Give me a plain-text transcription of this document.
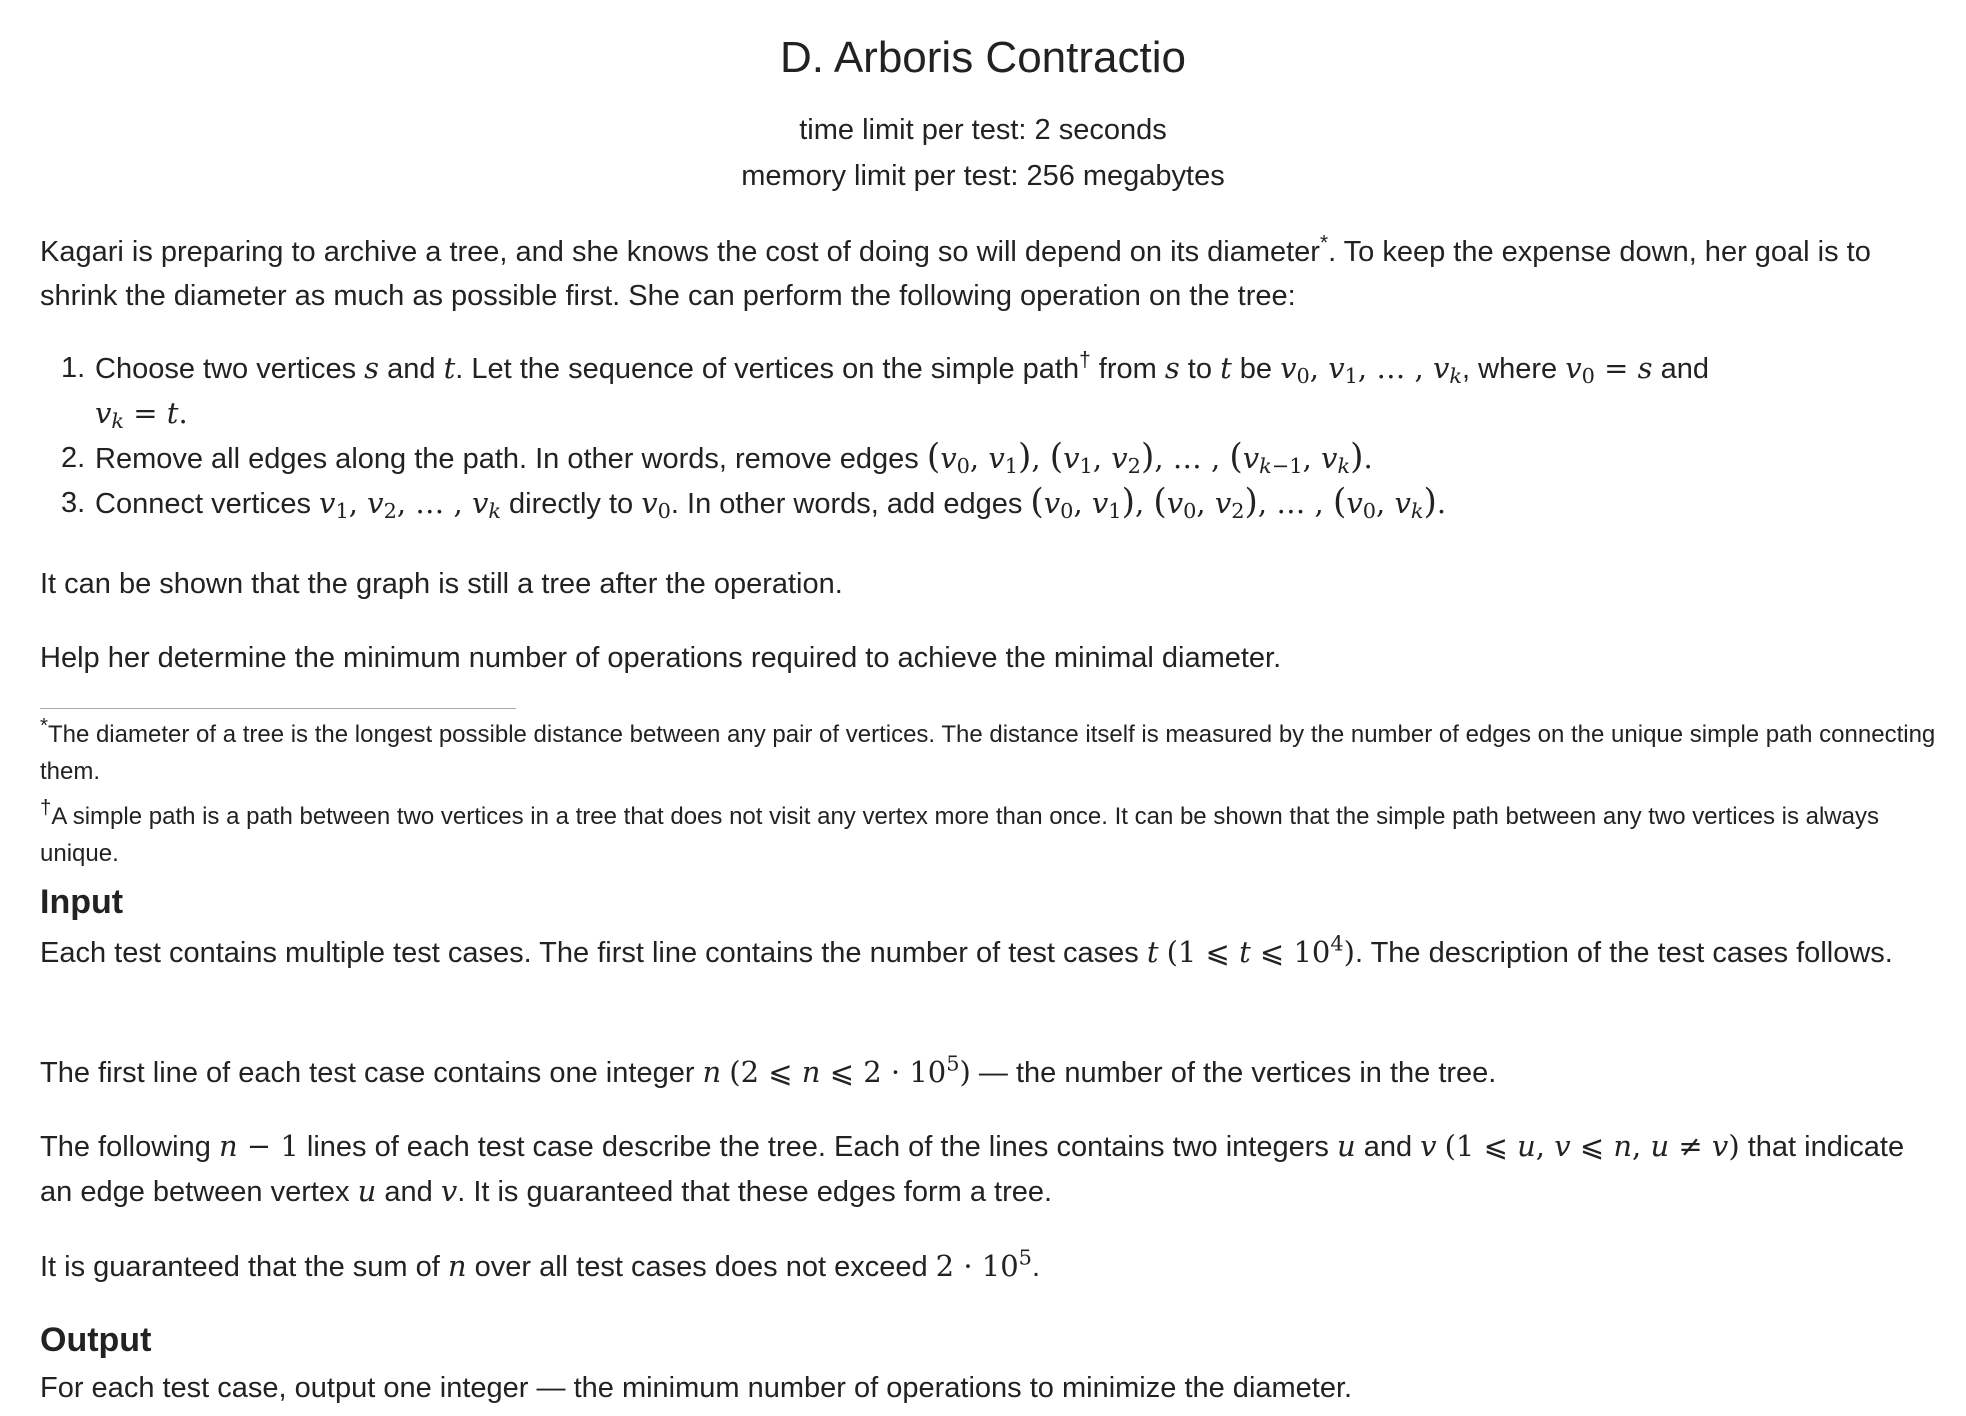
D. Arboris Contractio
time limit per test: 2 seconds
memory limit per test: 256 megabytes
Kagari is preparing to archive a tree, and she knows the cost of doing so will depend on its diameter*. To keep the expense down, her goal is to shrink the diameter as much as possible first. She can perform the following operation on the tree:
1. Choose two vertices s and t. Let the sequence of vertices on the simple path† from s to t be $v_0$, $v_1$, … , $v_k$, where $v_0 = s$ and
$v_k = t$.
2. Remove all edges along the path. In other words, remove edges ($v_0$, $v_1$), ($v_1$, $v_2$), … , ($v_{k-1}$, $v_k$).
3. Connect vertices $v_1$, $v_2$, … , $v_k$ directly to $v_0$. In other words, add edges ($v_0$, $v_1$), ($v_0$, $v_2$), … , ($v_0$, $v_k$).
It can be shown that the graph is still a tree after the operation.
Help her determine the minimum number of operations required to achieve the minimal diameter.
*The diameter of a tree is the longest possible distance between any pair of vertices. The distance itself is measured by the number of edges on the unique simple path connecting them.
†A simple path is a path between two vertices in a tree that does not visit any vertex more than once. It can be shown that the simple path between any two vertices is always unique.
Input
Each test contains multiple test cases. The first line contains the number of test cases t (1 ⩽ t ⩽ $10^4$). The description of the test cases follows.
The first line of each test case contains one integer n (2 ⩽ n ⩽ $2 \cdot 10^5$) — the number of the vertices in the tree.
The following n − 1 lines of each test case describe the tree. Each of the lines contains two integers u and v (1 ⩽ u, v ⩽ n, u ≠ v) that indicate an edge between vertex u and v. It is guaranteed that these edges form a tree.
It is guaranteed that the sum of n over all test cases does not exceed $2 \cdot 10^5$.
Output
For each test case, output one integer — the minimum number of operations to minimize the diameter.
